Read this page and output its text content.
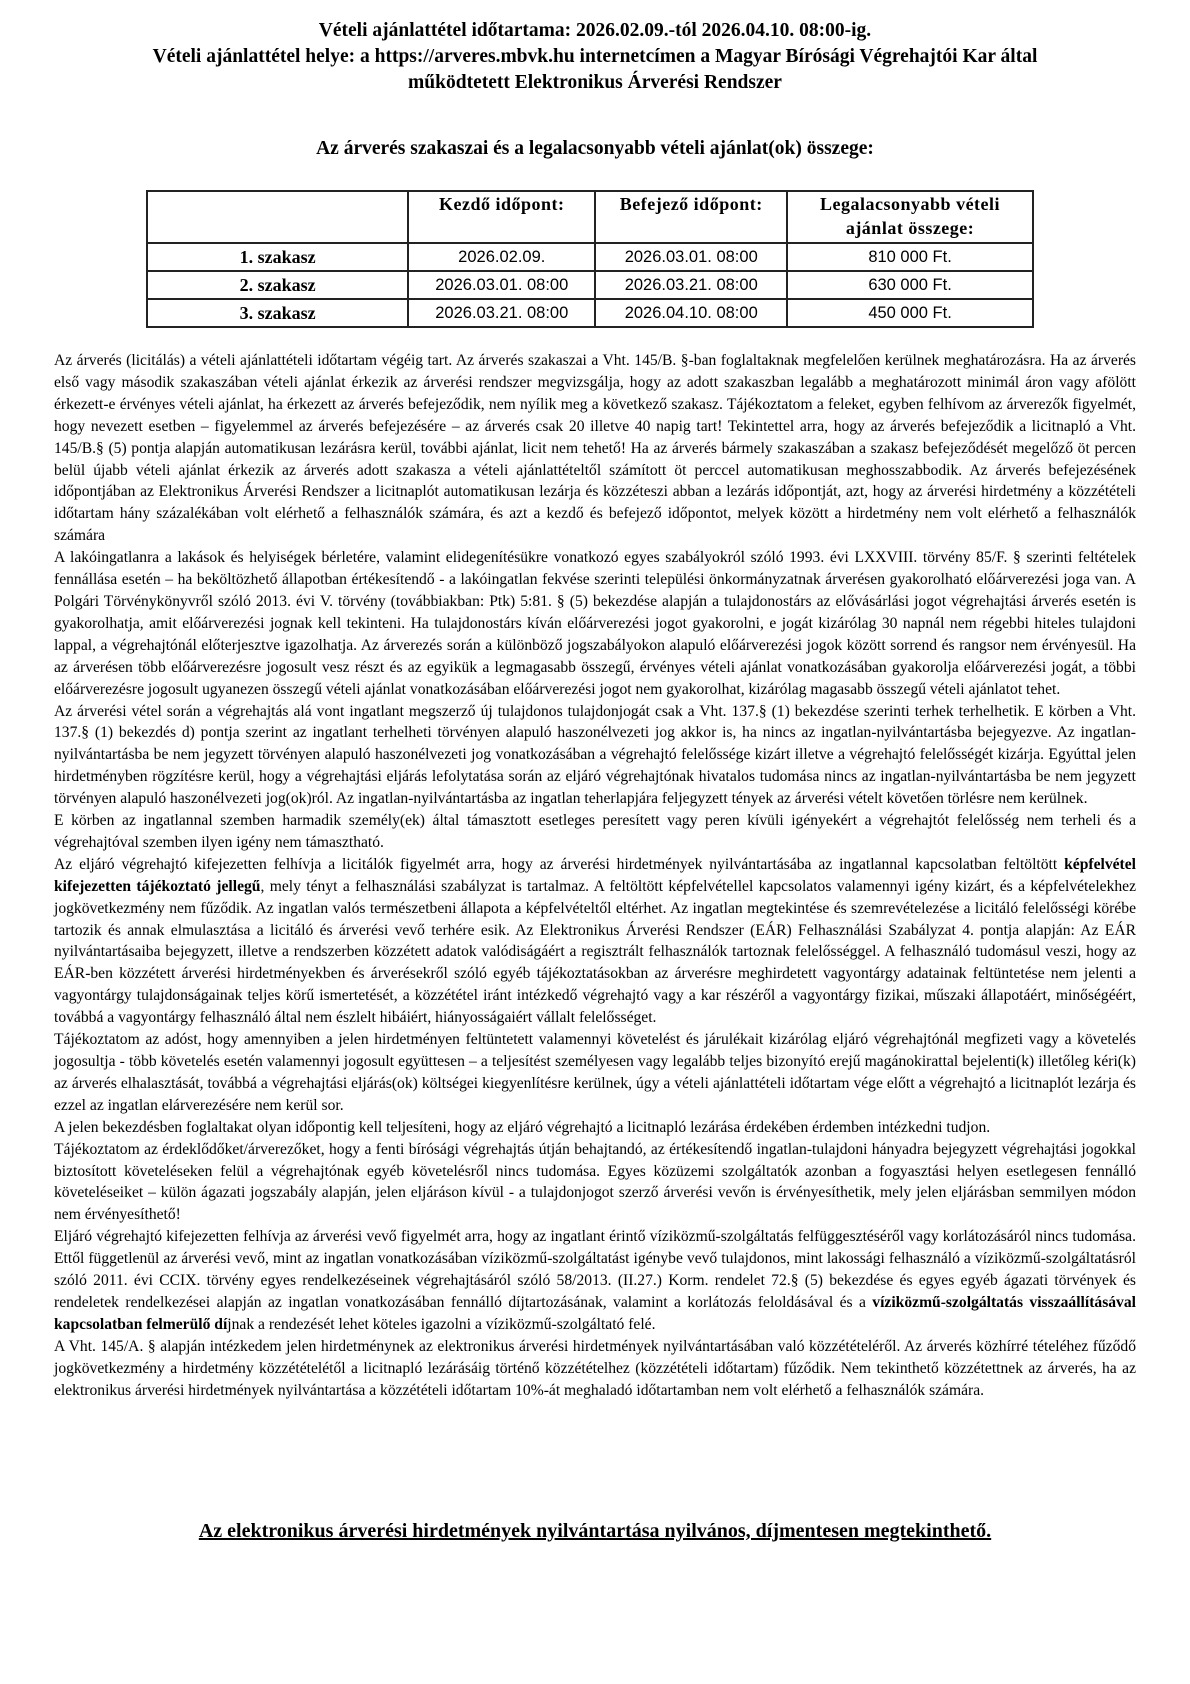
Vételi ajánlattétel időtartama: 2026.02.09.-tól 2026.04.10. 08:00-ig.
Vételi ajánlattétel helye: a https://arveres.mbvk.hu internetcímen a Magyar Bírósági Végrehajtói Kar által
működtetett Elektronikus Árverési Rendszer
Az árverés szakaszai és a legalacsonyabb vételi ajánlat(ok) összege:
	Kezdő időpont:	Befejező időpont:	Legalacsonyabb vételi ajánlat összege:
1. szakasz	2026.02.09.	2026.03.01. 08:00	810 000 Ft.
2. szakasz	2026.03.01. 08:00	2026.03.21. 08:00	630 000 Ft.
3. szakasz	2026.03.21. 08:00	2026.04.10. 08:00	450 000 Ft.

Az árverés (licitálás) a vételi ajánlattételi időtartam végéig tart. Az árverés szakaszai a Vht. 145/B. §-ban foglaltaknak megfelelően kerülnek meghatározásra. Ha az árverés első vagy második szakaszában vételi ajánlat érkezik az árverési rendszer megvizsgálja, hogy az adott szakaszban legalább a meghatározott minimál áron vagy afölött érkezett-e érvényes vételi ajánlat, ha érkezett az árverés befejeződik, nem nyílik meg a következő szakasz. Tájékoztatom a feleket, egyben felhívom az árverezők figyelmét, hogy nevezett esetben – figyelemmel az árverés befejezésére – az árverés csak 20 illetve 40 napig tart! Tekintettel arra, hogy az árverés befejeződik a licitnapló a Vht. 145/B.§ (5) pontja alapján automatikusan lezárásra kerül, további ajánlat, licit nem tehető! Ha az árverés bármely szakaszában a szakasz befejeződését megelőző öt percen belül újabb vételi ajánlat érkezik az árverés adott szakasza a vételi ajánlattételtől számított öt perccel automatikusan meghosszabbodik. Az árverés befejezésének időpontjában az Elektronikus Árverési Rendszer a licitnaplót automatikusan lezárja és közzéteszi abban a lezárás időpontját, azt, hogy az árverési hirdetmény a közzétételi időtartam hány százalékában volt elérhető a felhasználók számára, és azt a kezdő és befejező időpontot, melyek között a hirdetmény nem volt elérhető a felhasználók számára

A lakóingatlanra a lakások és helyiségek bérletére, valamint elidegenítésükre vonatkozó egyes szabályokról szóló 1993. évi LXXVIII. törvény 85/F. § szerinti feltételek fennállása esetén – ha beköltözhető állapotban értékesítendő - a lakóingatlan fekvése szerinti települési önkormányzatnak árverésen gyakorolható előárverezési joga van. A Polgári Törvénykönyvről szóló 2013. évi V. törvény (továbbiakban: Ptk) 5:81. § (5) bekezdése alapján a tulajdonostárs az elővásárlási jogot végrehajtási árverés esetén is gyakorolhatja, amit előárverezési jognak kell tekinteni. Ha tulajdonostárs kíván előárverezési jogot gyakorolni, e jogát kizárólag 30 napnál nem régebbi hiteles tulajdoni lappal, a végrehajtónál előterjesztve igazolhatja. Az árverezés során a különböző jogszabályokon alapuló előárverezési jogok között sorrend és rangsor nem érvényesül. Ha az árverésen több előárverezésre jogosult vesz részt és az egyikük a legmagasabb összegű, érvényes vételi ajánlat vonatkozásában gyakorolja előárverezési jogát, a többi előárverezésre jogosult ugyanezen összegű vételi ajánlat vonatkozásában előárverezési jogot nem gyakorolhat, kizárólag magasabb összegű vételi ajánlatot tehet.

Az árverési vétel során a végrehajtás alá vont ingatlant megszerző új tulajdonos tulajdonjogát csak a Vht. 137.§ (1) bekezdése szerinti terhek terhelhetik. E körben a Vht. 137.§ (1) bekezdés d) pontja szerint az ingatlant terhelheti törvényen alapuló haszonélvezeti jog akkor is, ha nincs az ingatlan-nyilvántartásba bejegyezve. Az ingatlan-nyilvántartásba be nem jegyzett törvényen alapuló haszonélvezeti jog vonatkozásában a végrehajtó felelőssége kizárt illetve a végrehajtó felelősségét kizárja. Egyúttal jelen hirdetményben rögzítésre kerül, hogy a végrehajtási eljárás lefolytatása során az eljáró végrehajtónak hivatalos tudomása nincs az ingatlan-nyilvántartásba be nem jegyzett törvényen alapuló haszonélvezeti jog(ok)ról. Az ingatlan-nyilvántartásba az ingatlan teherlapjára feljegyzett tények az árverési vételt követően törlésre nem kerülnek.

E körben az ingatlannal szemben harmadik személy(ek) által támasztott esetleges peresített vagy peren kívüli igényekért a végrehajtót felelősség nem terheli és a végrehajtóval szemben ilyen igény nem támasztható.

Az eljáró végrehajtó kifejezetten felhívja a licitálók figyelmét arra, hogy az árverési hirdetmények nyilvántartásába az ingatlannal kapcsolatban feltöltött képfelvétel kifejezetten tájékoztató jellegű, mely tényt a felhasználási szabályzat is tartalmaz. A feltöltött képfelvétellel kapcsolatos valamennyi igény kizárt, és a képfelvételekhez jogkövetkezmény nem fűződik. Az ingatlan valós természetbeni állapota a képfelvételtől eltérhet. Az ingatlan megtekintése és szemrevételezése a licitáló felelősségi körébe tartozik és annak elmulasztása a licitáló és árverési vevő terhére esik. Az Elektronikus Árverési Rendszer (EÁR) Felhasználási Szabályzat 4. pontja alapján: Az EÁR nyilvántartásaiba bejegyzett, illetve a rendszerben közzétett adatok valódiságáért a regisztrált felhasználók tartoznak felelősséggel. A felhasználó tudomásul veszi, hogy az EÁR-ben közzétett árverési hirdetményekben és árverésekről szóló egyéb tájékoztatásokban az árverésre meghirdetett vagyontárgy adatainak feltüntetése nem jelenti a vagyontárgy tulajdonságainak teljes körű ismertetését, a közzététel iránt intézkedő végrehajtó vagy a kar részéről a vagyontárgy fizikai, műszaki állapotáért, minőségéért, továbbá a vagyontárgy felhasználó által nem észlelt hibáiért, hiányosságaiért vállalt felelősséget.

Tájékoztatom az adóst, hogy amennyiben a jelen hirdetményen feltüntetett valamennyi követelést és járulékait kizárólag eljáró végrehajtónál megfizeti vagy a követelés jogosultja - több követelés esetén valamennyi jogosult együttesen – a teljesítést személyesen vagy legalább teljes bizonyító erejű magánokirattal bejelenti(k) illetőleg kéri(k) az árverés elhalasztását, továbbá a végrehajtási eljárás(ok) költségei kiegyenlítésre kerülnek, úgy a vételi ajánlattételi időtartam vége előtt a végrehajtó a licitnaplót lezárja és ezzel az ingatlan elárverezésére nem kerül sor.

A jelen bekezdésben foglaltakat olyan időpontig kell teljesíteni, hogy az eljáró végrehajtó a licitnapló lezárása érdekében érdemben intézkedni tudjon.

Tájékoztatom az érdeklődőket/árverezőket, hogy a fenti bírósági végrehajtás útján behajtandó, az értékesítendő ingatlan-tulajdoni hányadra bejegyzett végrehajtási jogokkal biztosított követeléseken felül a végrehajtónak egyéb követelésről nincs tudomása. Egyes közüzemi szolgáltatók azonban a fogyasztási helyen esetlegesen fennálló követeléseiket – külön ágazati jogszabály alapján, jelen eljáráson kívül - a tulajdonjogot szerző árverési vevőn is érvényesíthetik, mely jelen eljárásban semmilyen módon nem érvényesíthető!

Eljáró végrehajtó kifejezetten felhívja az árverési vevő figyelmét arra, hogy az ingatlant érintő víziközmű-szolgáltatás felfüggesztéséről vagy korlátozásáról nincs tudomása. Ettől függetlenül az árverési vevő, mint az ingatlan vonatkozásában víziközmű-szolgáltatást igénybe vevő tulajdonos, mint lakossági felhasználó a víziközmű-szolgáltatásról szóló 2011. évi CCIX. törvény egyes rendelkezéseinek végrehajtásáról szóló 58/2013. (II.27.) Korm. rendelet 72.§ (5) bekezdése és egyes egyéb ágazati törvények és rendeletek rendelkezései alapján az ingatlan vonatkozásában fennálló díjtartozásának, valamint a korlátozás feloldásával és a víziközmű-szolgáltatás visszaállításával kapcsolatban felmerülő díjnak a rendezését lehet köteles igazolni a víziközmű-szolgáltató felé.

A Vht. 145/A. § alapján intézkedem jelen hirdetménynek az elektronikus árverési hirdetmények nyilvántartásában való közzétételéről. Az árverés közhírré tételéhez fűződő jogkövetkezmény a hirdetmény közzétételétől a licitnapló lezárásáig történő közzétételhez (közzétételi időtartam) fűződik. Nem tekinthető közzétettnek az árverés, ha az elektronikus árverési hirdetmények nyilvántartása a közzétételi időtartam 10%-át meghaladó időtartamban nem volt elérhető a felhasználók számára.

Az elektronikus árverési hirdetmények nyilvántartása nyilvános, díjmentesen megtekinthető.
